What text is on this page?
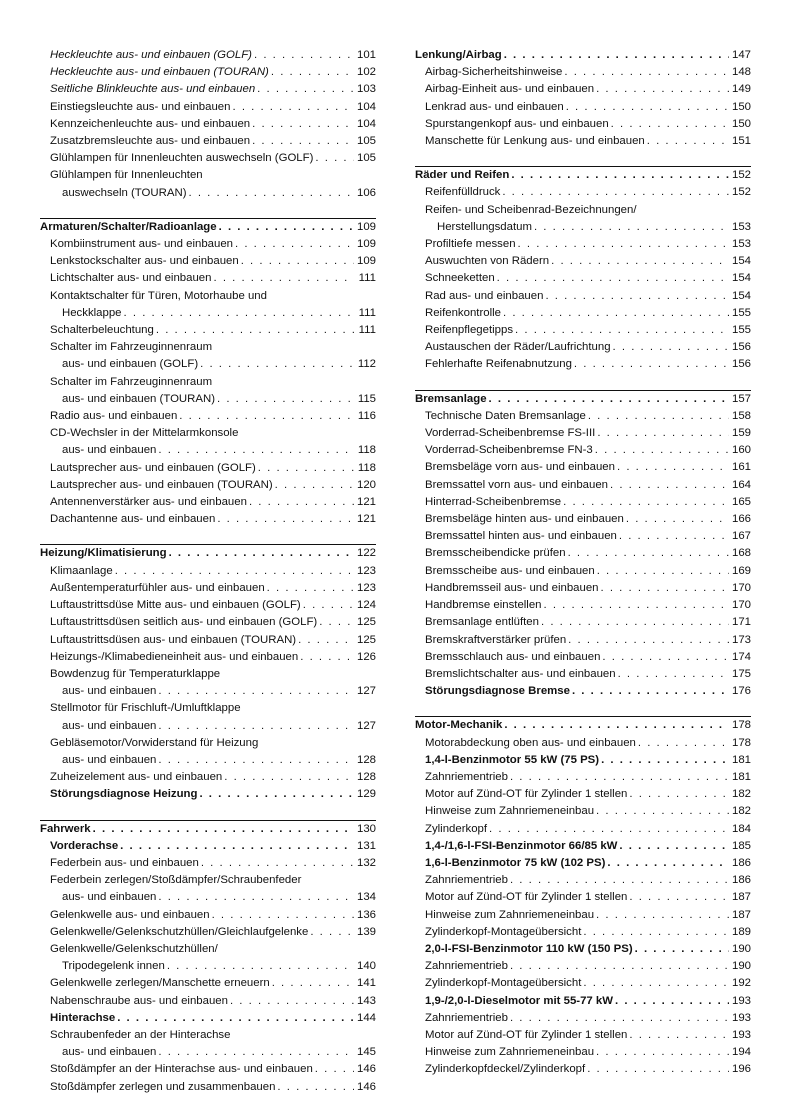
Heckleuchte aus- und einbauen (GOLF) . . .	101
Heckleuchte aus- und einbauen (TOURAN) . . .	102
Seitliche Blinkleuchte aus- und einbauen . . .	103
Einstiegsleuchte aus- und einbauen . . .	104
Kennzeichenleuchte aus- und einbauen . . .	104
Zusatzbremsleuchte aus- und einbauen . . .	105
Glühlampen für Innenleuchten auswechseln (GOLF) . . .	105
Glühlampen für Innenleuchten
auswechseln (TOURAN) . . .	106
Armaturen/Schalter/Radioanlage . . .	109
Kombiinstrument aus- und einbauen . . .	109
Lenkstockschalter aus- und einbauen . . .	109
Lichtschalter aus- und einbauen . . .	111
Kontaktschalter für Türen, Motorhaube und
Heckklappe . . .	111
Schalterbeleuchtung . . .	111
Schalter im Fahrzeuginnenraum
aus- und einbauen (GOLF) . . .	112
Schalter im Fahrzeuginnenraum
aus- und einbauen (TOURAN) . . .	115
Radio aus- und einbauen . . .	116
CD-Wechsler in der Mittelarmkonsole
aus- und einbauen . . .	118
Lautsprecher aus- und einbauen (GOLF) . . .	118
Lautsprecher aus- und einbauen (TOURAN) . . .	120
Antennenverstärker aus- und einbauen . . .	121
Dachantenne aus- und einbauen . . .	121
Heizung/Klimatisierung . . .	122
Klimaanlage . . .	123
Außentemperaturfühler aus- und einbauen . . .	123
Luftaustrittsdüse Mitte aus- und einbauen (GOLF) . . .	124
Luftaustrittsdüsen seitlich aus- und einbauen (GOLF) . . .	125
Luftaustrittsdüsen aus- und einbauen (TOURAN) . . .	125
Heizungs-/Klimabedieneinheit aus- und einbauen . . .	126
Bowdenzug für Temperaturklappe
aus- und einbauen . . .	127
Stellmotor für Frischluft-/Umluftklappe
aus- und einbauen . . .	127
Gebläsemotor/Vorwiderstand für Heizung
aus- und einbauen . . .	128
Zuheizelement aus- und einbauen . . .	128
Störungsdiagnose Heizung . . .	129
Fahrwerk . . .	130
Vorderachse . . .	131
Federbein aus- und einbauen . . .	132
Federbein zerlegen/Stoßdämpfer/Schraubenfeder
aus- und einbauen . . .	134
Gelenkwelle aus- und einbauen . . .	136
Gelenkwelle/Gelenkschutzhüllen/Gleichlaufgelenke . . .	139
Gelenkwelle/Gelenkschutzhüllen/
Tripodegelenk innen . . .	140
Gelenkwelle zerlegen/Manschette erneuern . . .	141
Nabenschraube aus- und einbauen . . .	143
Hinterachse . . .	144
Schraubenfeder an der Hinterachse
aus- und einbauen . . .	145
Stoßdämpfer an der Hinterachse aus- und einbauen . . .	146
Stoßdämpfer zerlegen und zusammenbauen . . .	146
Lenkung/Airbag . . .	147
Airbag-Sicherheitshinweise . . .	148
Airbag-Einheit aus- und einbauen . . .	149
Lenkrad aus- und einbauen . . .	150
Spurstangenkopf aus- und einbauen . . .	150
Manschette für Lenkung aus- und einbauen . . .	151
Räder und Reifen . . .	152
Reifenfülldruck . . .	152
Reifen- und Scheibenrad-Bezeichnungen/
Herstellungsdatum . . .	153
Profiltiefe messen . . .	153
Auswuchten von Rädern . . .	154
Schneeketten . . .	154
Rad aus- und einbauen . . .	154
Reifenkontrolle . . .	155
Reifenpflegetipps . . .	155
Austauschen der Räder/Laufrichtung . . .	156
Fehlerhafte Reifenabnutzung . . .	156
Bremsanlage . . .	157
Technische Daten Bremsanlage . . .	158
Vorderrad-Scheibenbremse FS-III . . .	159
Vorderrad-Scheibenbremse FN-3 . . .	160
Bremsbeläge vorn aus- und einbauen . . .	161
Bremssattel vorn aus- und einbauen . . .	164
Hinterrad-Scheibenbremse . . .	165
Bremsbeläge hinten aus- und einbauen . . .	166
Bremssattel hinten aus- und einbauen . . .	167
Bremsscheibendicke prüfen . . .	168
Bremsscheibe aus- und einbauen . . .	169
Handbremsseil aus- und einbauen . . .	170
Handbremse einstellen . . .	170
Bremsanlage entlüften . . .	171
Bremskraftverstärker prüfen . . .	173
Bremsschlauch aus- und einbauen . . .	174
Bremslichtschalter aus- und einbauen . . .	175
Störungsdiagnose Bremse . . .	176
Motor-Mechanik . . .	178
Motorabdeckung oben aus- und einbauen . . .	178
1,4-l-Benzinmotor 55 kW (75 PS) . . .	181
Zahnriementrieb . . .	181
Motor auf Zünd-OT für Zylinder 1 stellen . . .	182
Hinweise zum Zahnriemeneinbau . . .	182
Zylinderkopf . . .	184
1,4-/1,6-l-FSI-Benzinmotor 66/85 kW . . .	185
1,6-l-Benzinmotor 75 kW (102 PS) . . .	186
Zahnriementrieb . . .	186
Motor auf Zünd-OT für Zylinder 1 stellen . . .	187
Hinweise zum Zahnriemeneinbau . . .	187
Zylinderkopf-Montageübersicht . . .	189
2,0-l-FSI-Benzinmotor 110 kW (150 PS) . . .	190
Zahnriementrieb . . .	190
Zylinderkopf-Montageübersicht . . .	192
1,9-/2,0-l-Dieselmotor mit 55-77 kW . . .	193
Zahnriementrieb . . .	193
Motor auf Zünd-OT für Zylinder 1 stellen . . .	193
Hinweise zum Zahnriemeneinbau . . .	194
Zylinderkopfdeckel/Zylinderkopf . . .	196
